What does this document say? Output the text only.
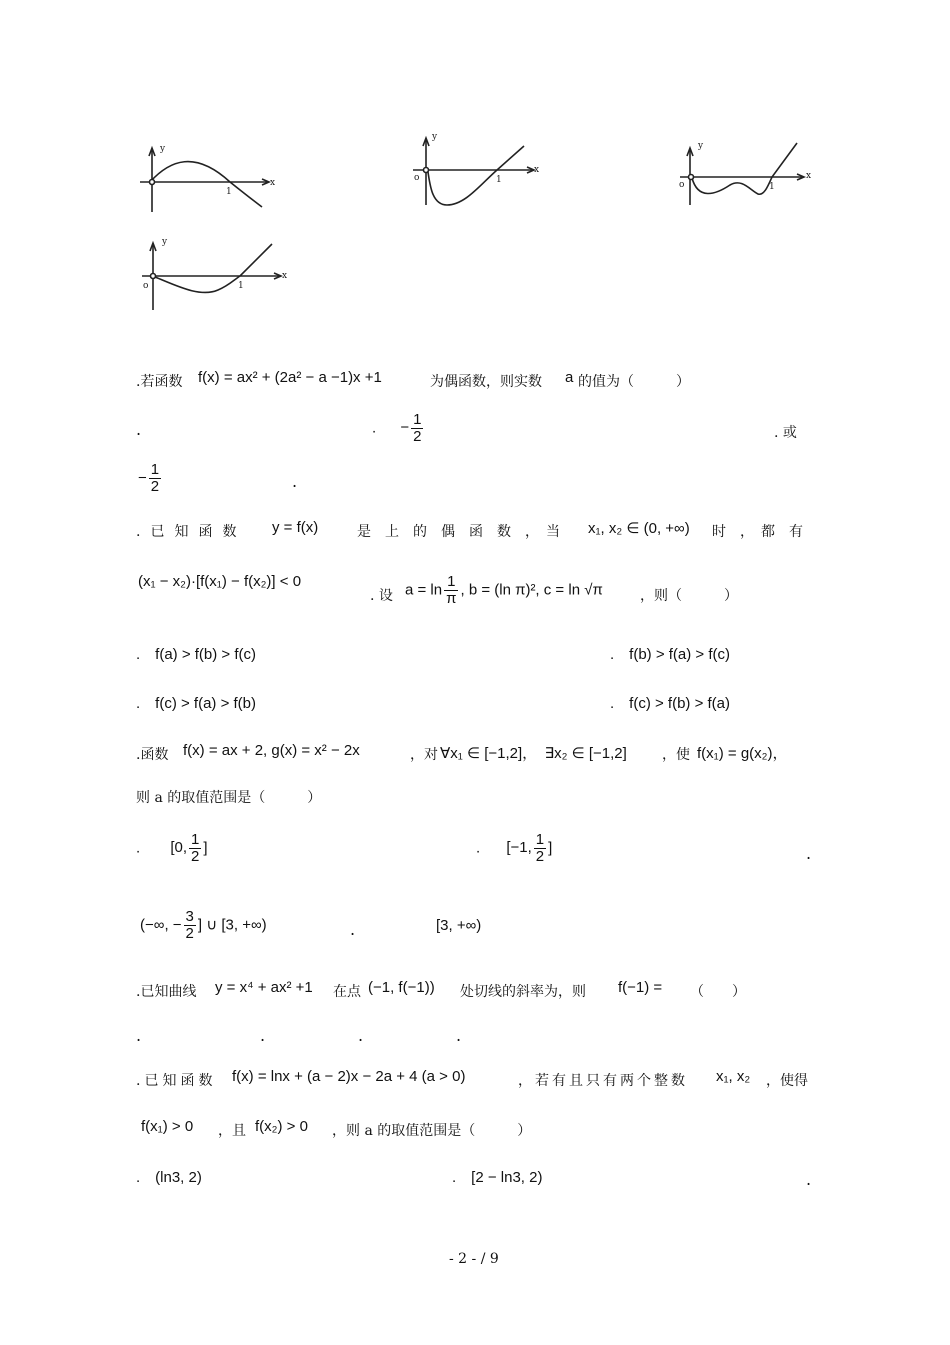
y
x
1
y
x
o	1
y
x
o	1
y
x
o	1
.若函数 f(x) = ax² + (2a² − a −1)x +1	为偶函数，则实数 a 的值为（　　　）
.	. − $\frac{1}{2}$	. 或
− $\frac{1}{2}$	.
.已知函数 y = f(x)	是　上　的　偶　函　数　，　当 x₁, x₂ ∈ (0, +∞) 时　，　都　有
(x₁ − x₂)·[f(x₁) − f(x₂)] < 0
. 设 $a = \ln \frac{1}{\pi}$ , b = (ln π)², c = ln √π	，则（　　　）
.　f(a) > f(b) > f(c)	.　f(b) > f(a) > f(c)
.　f(c) > f(a) > f(b)	.　f(c) > f(b) > f(a)
.函数 f(x) = ax + 2, g(x) = x² − 2x	，对 ∀x₁ ∈ [−1,2]，　∃x₂ ∈ [−1,2]	，使 f(x₁) = g(x₂)，
则 a 的取值范围是（　　　）
. [0, $\frac{1}{2}$ ]	. [−1, $\frac{1}{2}$ ]	.
(−∞, − $\frac{3}{2}$ ] ∪ [3, +∞)	.	[3, +∞)
.已知曲线 y = x⁴ + ax² +1 在点 (−1, f(−1)) 处切线的斜率为，则 f(−1) = （　　）
.	.	.	.
.已知函数 f(x) = lnx + (a − 2)x − 2a + 4 (a > 0)	，若有且只有两个整数 x₁, x₂ ，使得
f(x₁) > 0 ，且 f(x₂) > 0 ，则 a 的取值范围是（　　　）
.　(ln3, 2)	.　[2 − ln3, 2)	.
- 2 - / 9
